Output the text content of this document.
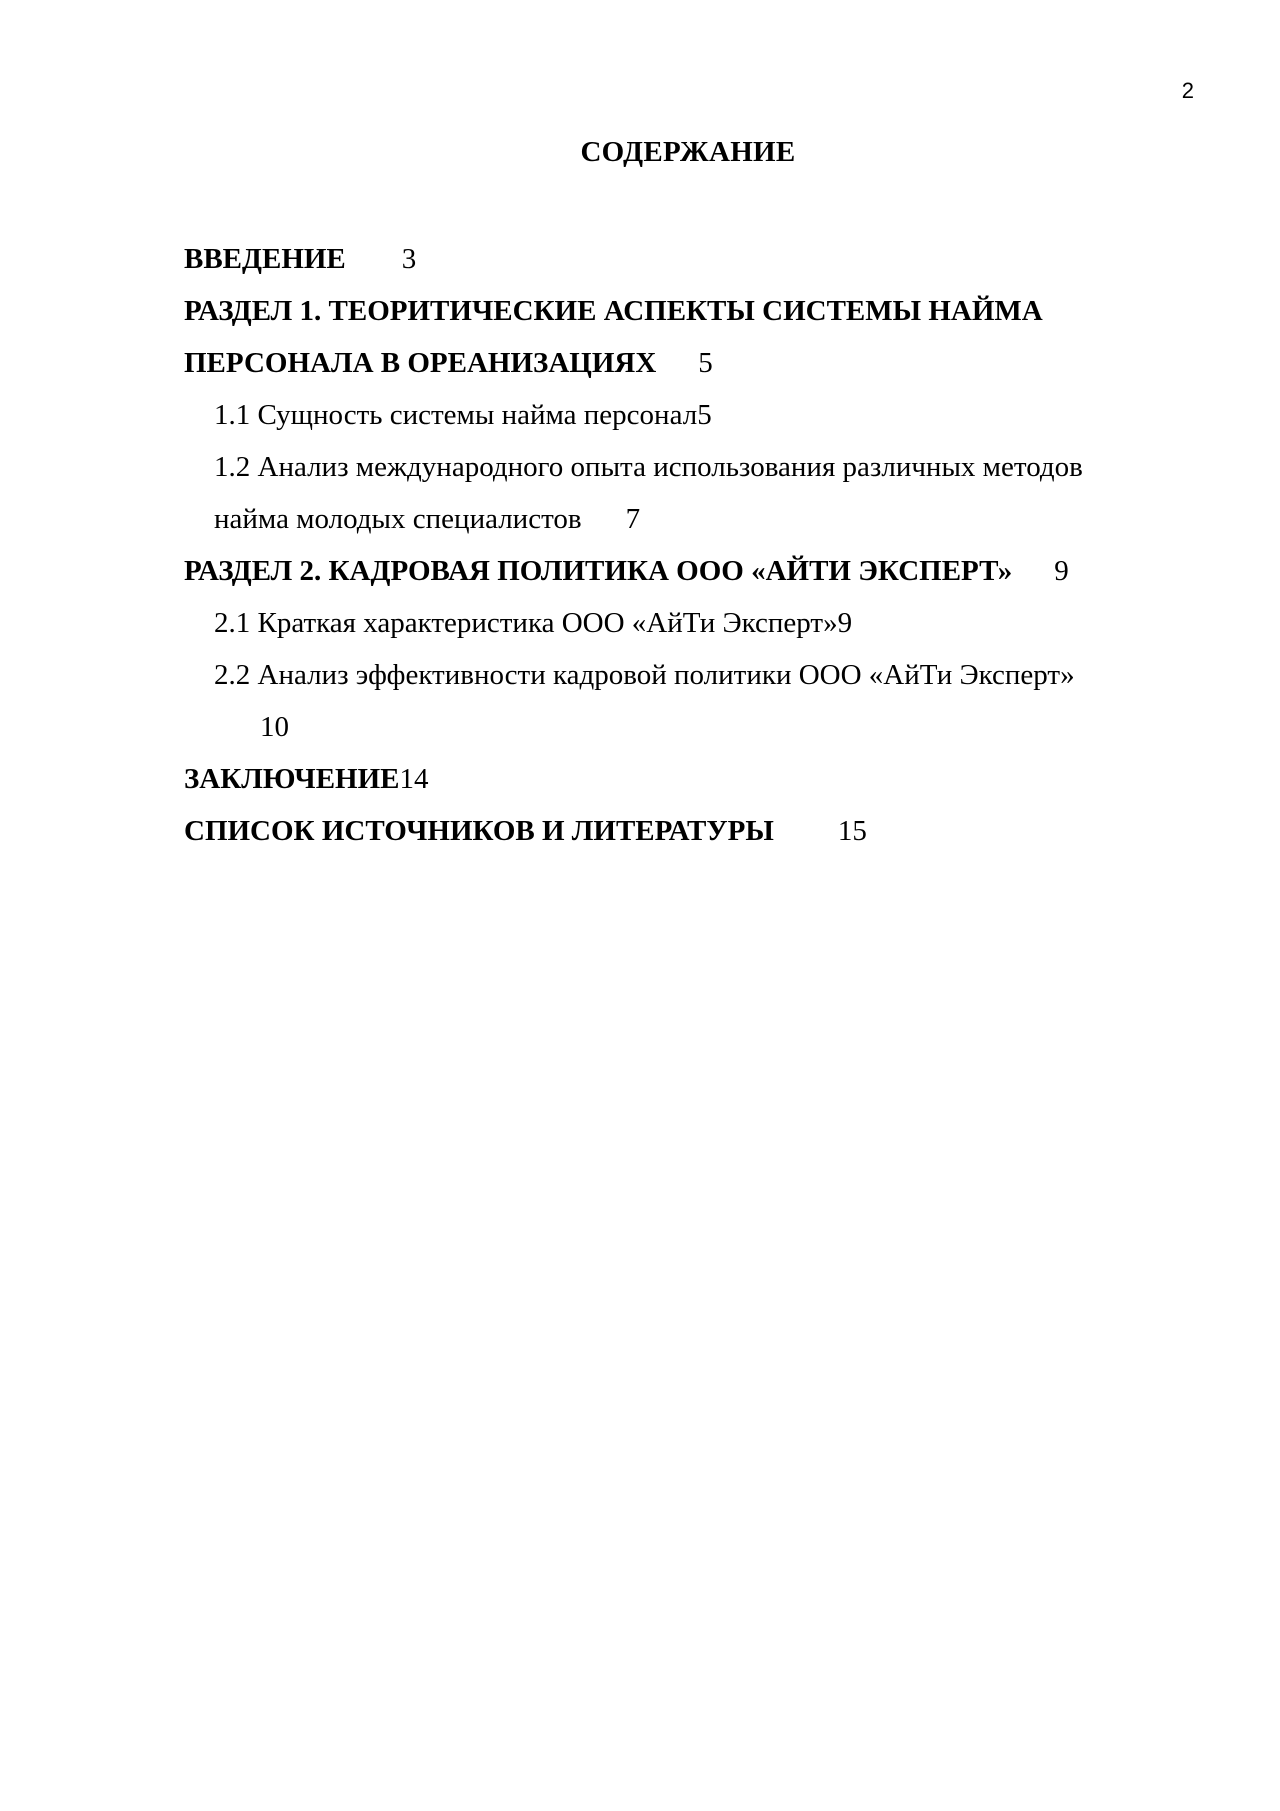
2
СОДЕРЖАНИЕ

ВВЕДЕНИЕ 3

РАЗДЕЛ 1. ТЕОРИТИЧЕСКИЕ АСПЕКТЫ СИСТЕМЫ НАЙМА
ПЕРСОНАЛА В ОРЕАНИЗАЦИЯХ 5

1.1 Сущность системы найма персонал5

1.2 Анализ международного опыта использования различных методов
найма молодых специалистов 7

РАЗДЕЛ 2. КАДРОВАЯ ПОЛИТИКА ООО «АЙТИ ЭКСПЕРТ» 9

2.1 Краткая характеристика ООО «АйТи Эксперт»9

2.2 Анализ эффективности кадровой политики ООО «АйТи Эксперт»
10

ЗАКЛЮЧЕНИЕ14

СПИСОК ИСТОЧНИКОВ И ЛИТЕРАТУРЫ 15
